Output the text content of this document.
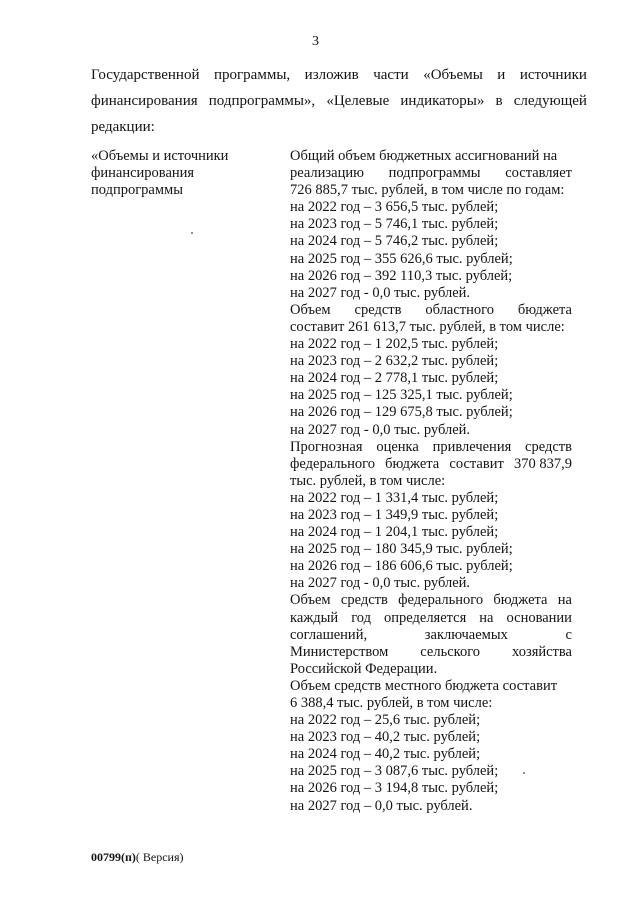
3
Государственной программы, изложив части «Объемы и источники
финансирования подпрограммы», «Целевые индикаторы» в следующей
редакции:
«Объемы и источники
финансирования
подпрограммы
Общий объем бюджетных ассигнований на
реализацию подпрограммы составляет
726 885,7 тыс. рублей, в том числе по годам:
на 2022 год – 3 656,5 тыс. рублей;
на 2023 год – 5 746,1 тыс. рублей;
на 2024 год – 5 746,2 тыс. рублей;
на 2025 год – 355 626,6 тыс. рублей;
на 2026 год – 392 110,3 тыс. рублей;
на 2027 год - 0,0 тыс. рублей.
Объем средств областного бюджета
составит 261 613,7 тыс. рублей, в том числе:
на 2022 год – 1 202,5 тыс. рублей;
на 2023 год – 2 632,2 тыс. рублей;
на 2024 год – 2 778,1 тыс. рублей;
на 2025 год – 125 325,1 тыс. рублей;
на 2026 год – 129 675,8 тыс. рублей;
на 2027 год - 0,0 тыс. рублей.
Прогнозная оценка привлечения средств
федерального бюджета составит 370 837,9
тыс. рублей, в том числе:
на 2022 год – 1 331,4 тыс. рублей;
на 2023 год – 1 349,9 тыс. рублей;
на 2024 год – 1 204,1 тыс. рублей;
на 2025 год – 180 345,9 тыс. рублей;
на 2026 год – 186 606,6 тыс. рублей;
на 2027 год - 0,0 тыс. рублей.
Объем средств федерального бюджета на
каждый год определяется на основании
соглашений,	заключаемых	с
Министерством сельского хозяйства
Российской Федерации.
Объем средств местного бюджета составит
6 388,4 тыс. рублей, в том числе:
на 2022 год – 25,6 тыс. рублей;
на 2023 год – 40,2 тыс. рублей;
на 2024 год – 40,2 тыс. рублей;
на 2025 год – 3 087,6 тыс. рублей;
на 2026 год – 3 194,8 тыс. рублей;
на 2027 год – 0,0 тыс. рублей.
00799(п)( Версия)
